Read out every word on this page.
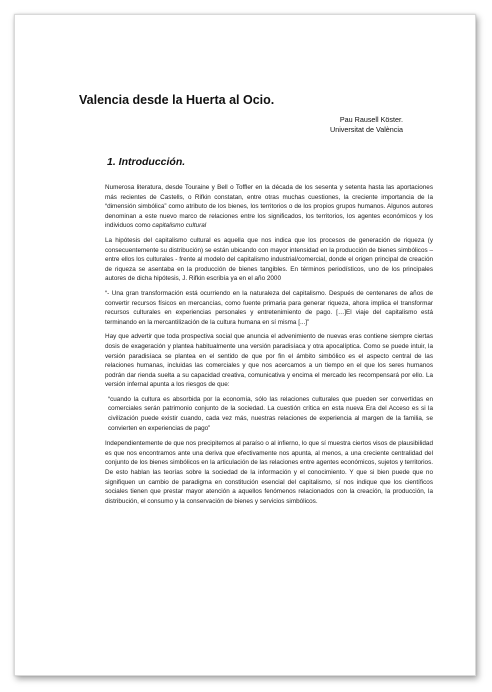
Valencia desde la Huerta al Ocio.
Pau Rausell Köster.
Universitat de València
1. Introducción.

Numerosa literatura, desde Touraine y Bell o Toffler en la década de los sesenta y setenta hasta las aportaciones más recientes de Castells, o Rifkin constatan, entre otras muchas cuestiones, la creciente importancia de la “dimensión simbólica” como atributo de los bienes, los territorios o de los propios grupos humanos. Algunos autores denominan a este nuevo marco de relaciones entre los significados, los territorios, los agentes económicos y los individuos como capitalismo cultural

La hipótesis del capitalismo cultural es aquella que nos indica que los procesos de generación de riqueza (y consecuentemente su distribución) se están ubicando con mayor intensidad en la producción de bienes simbólicos –entre ellos los culturales - frente al modelo del capitalismo industrial/comercial, donde el origen principal de creación de riqueza se asentaba en la producción de bienes tangibles. En términos periodísticos, uno de los principales autores de dicha hipótesis, J. Rifkin escribía ya en el año 2000

“- Una gran transformación está ocurriendo en la naturaleza del capitalismo. Después de centenares de años de convertir recursos físicos en mercancías, como fuente primaria para generar riqueza, ahora implica el transformar recursos culturales en experiencias personales y entretenimiento de pago. […]El viaje del capitalismo está terminando en la mercantilización de la cultura humana en sí misma [...]”

Hay que advertir que toda prospectiva social que anuncia el advenimiento de nuevas eras contiene siempre ciertas dosis de exageración y plantea habitualmente una versión paradisíaca y otra apocalíptica. Como se puede intuir, la versión paradisíaca se plantea en el sentido de que por fin el ámbito simbólico es el aspecto central de las relaciones humanas, incluidas las comerciales y que nos acercamos a un tiempo en el que los seres humanos podrán dar rienda suelta a su capacidad creativa, comunicativa y encima el mercado les recompensará por ello. La versión infernal apunta a los riesgos de que:

“cuando la cultura es absorbida por la economía, sólo las relaciones culturales que pueden ser convertidas en comerciales serán patrimonio conjunto de la sociedad. La cuestión crítica en esta nueva Era del Acceso es si la civilización puede existir cuando, cada vez más, nuestras relaciones de experiencia al margen de la familia, se convierten en experiencias de pago”

Independientemente de que nos precipitemos al paraíso o al infierno, lo que sí muestra ciertos visos de plausibilidad es que nos encontramos ante una deriva que efectivamente nos apunta, al menos, a una creciente centralidad del conjunto de los bienes simbólicos en la articulación de las relaciones entre agentes económicos, sujetos y territorios. De esto hablan las teorías sobre la sociedad de la información y el conocimiento. Y que si bien puede que no signifiquen un cambio de paradigma en constitución esencial del capitalismo, sí nos indique que los científicos sociales tienen que prestar mayor atención a aquellos fenómenos relacionados con la creación, la producción, la distribución, el consumo y la conservación de bienes y servicios simbólicos.
